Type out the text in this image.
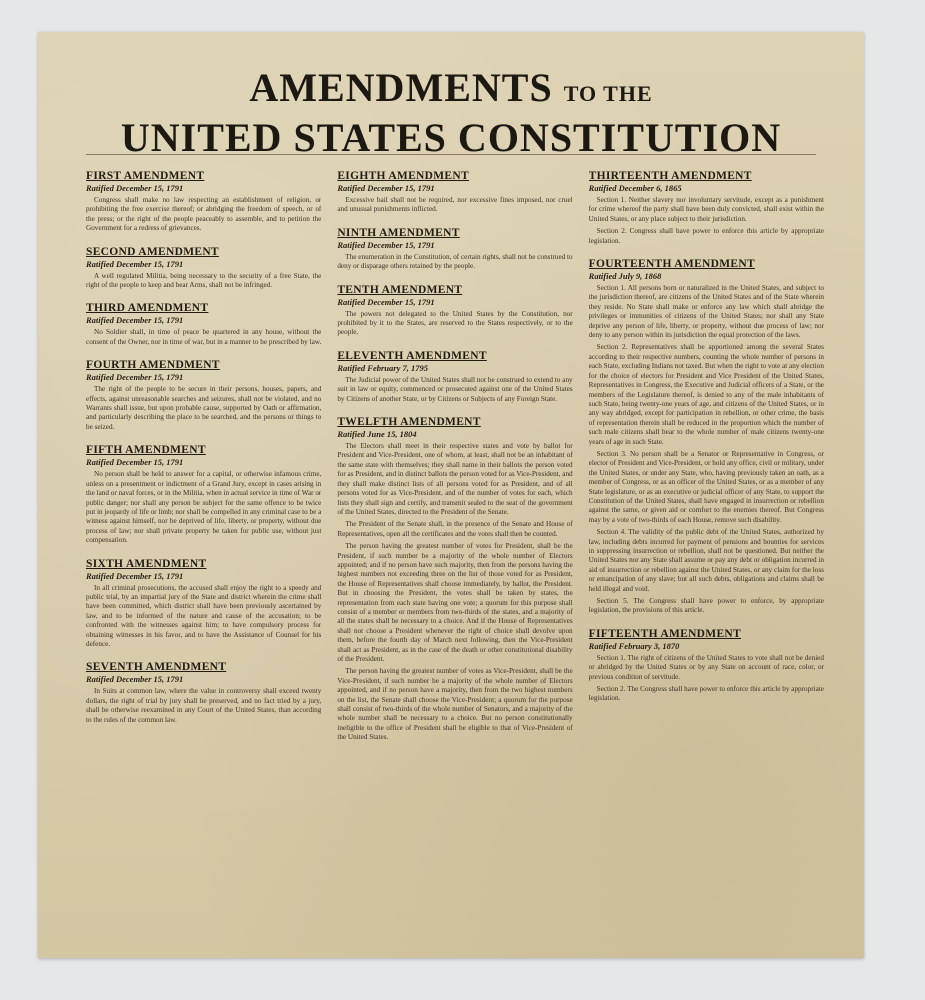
AMENDMENTS TO THE
UNITED STATES CONSTITUTION
FIRST AMENDMENT
Ratified December 15, 1791

Congress shall make no law respecting an establishment of religion, or prohibiting the free exercise thereof; or abridging the freedom of speech, or of the press; or the right of the people peaceably to assemble, and to petition the Government for a redress of grievances.

SECOND AMENDMENT
Ratified December 15, 1791

A well regulated Militia, being necessary to the security of a free State, the right of the people to keep and bear Arms, shall not be infringed.

THIRD AMENDMENT
Ratified December 15, 1791

No Soldier shall, in time of peace be quartered in any house, without the consent of the Owner, nor in time of war, but in a manner to be prescribed by law.

FOURTH AMENDMENT
Ratified December 15, 1791

The right of the people to be secure in their persons, houses, papers, and effects, against unreasonable searches and seizures, shall not be violated, and no Warrants shall issue, but upon probable cause, supported by Oath or affirmation, and particularly describing the place to be searched, and the persons or things to be seized.

FIFTH AMENDMENT
Ratified December 15, 1791

No person shall be held to answer for a capital, or otherwise infamous crime, unless on a presentment or indictment of a Grand Jury, except in cases arising in the land or naval forces, or in the Militia, when in actual service in time of War or public danger; nor shall any person be subject for the same offence to be twice put in jeopardy of life or limb; nor shall be compelled in any criminal case to be a witness against himself, nor be deprived of life, liberty, or property, without due process of law; nor shall private property be taken for public use, without just compensation.

SIXTH AMENDMENT
Ratified December 15, 1791

In all criminal prosecutions, the accused shall enjoy the right to a speedy and public trial, by an impartial jury of the State and district wherein the crime shall have been committed, which district shall have been previously ascertained by law, and to be informed of the nature and cause of the accusation; to be confronted with the witnesses against him; to have compulsory process for obtaining witnesses in his favor, and to have the Assistance of Counsel for his defence.

SEVENTH AMENDMENT
Ratified December 15, 1791

In Suits at common law, where the value in controversy shall exceed twenty dollars, the right of trial by jury shall be preserved, and no fact tried by a jury, shall be otherwise reexamined in any Court of the United States, than according to the rules of the common law.

EIGHTH AMENDMENT
Ratified December 15, 1791

Excessive bail shall not be required, nor excessive fines imposed, nor cruel and unusual punishments inflicted.

NINTH AMENDMENT
Ratified December 15, 1791

The enumeration in the Constitution, of certain rights, shall not be construed to deny or disparage others retained by the people.

TENTH AMENDMENT
Ratified December 15, 1791

The powers not delegated to the United States by the Constitution, nor prohibited by it to the States, are reserved to the States respectively, or to the people.

ELEVENTH AMENDMENT
Ratified February 7, 1795

The Judicial power of the United States shall not be construed to extend to any suit in law or equity, commenced or prosecuted against one of the United States by Citizens of another State, or by Citizens or Subjects of any Foreign State.

TWELFTH AMENDMENT
Ratified June 15, 1804

The Electors shall meet in their respective states and vote by ballot for President and Vice-President, one of whom, at least, shall not be an inhabitant of the same state with themselves; they shall name in their ballots the person voted for as President, and in distinct ballots the person voted for as Vice-President, and they shall make distinct lists of all persons voted for as President, and of all persons voted for as Vice-President, and of the number of votes for each, which lists they shall sign and certify, and transmit sealed to the seat of the government of the United States, directed to the President of the Senate.

The President of the Senate shall, in the presence of the Senate and House of Representatives, open all the certificates and the votes shall then be counted.

The person having the greatest number of votes for President, shall be the President, if such number be a majority of the whole number of Electors appointed; and if no person have such majority, then from the persons having the highest numbers not exceeding three on the list of those voted for as President, the House of Representatives shall choose immediately, by ballot, the President. But in choosing the President, the votes shall be taken by states, the representation from each state having one vote; a quorum for this purpose shall consist of a member or members from two-thirds of the states, and a majority of all the states shall be necessary to a choice. And if the House of Representatives shall not choose a President whenever the right of choice shall devolve upon them, before the fourth day of March next following, then the Vice-President shall act as President, as in the case of the death or other constitutional disability of the President.

The person having the greatest number of votes as Vice-President, shall be the Vice-President, if such number be a majority of the whole number of Electors appointed, and if no person have a majority, then from the two highest numbers on the list, the Senate shall choose the Vice-President; a quorum for the purpose shall consist of two-thirds of the whole number of Senators, and a majority of the whole number shall be necessary to a choice. But no person constitutionally ineligible to the office of President shall be eligible to that of Vice-President of the United States.

THIRTEENTH AMENDMENT
Ratified December 6, 1865

Section 1. Neither slavery nor involuntary servitude, except as a punishment for crime whereof the party shall have been duly convicted, shall exist within the United States, or any place subject to their jurisdiction.

Section 2. Congress shall have power to enforce this article by appropriate legislation.

FOURTEENTH AMENDMENT
Ratified July 9, 1868

Section 1. All persons born or naturalized in the United States, and subject to the jurisdiction thereof, are citizens of the United States and of the State wherein they reside. No State shall make or enforce any law which shall abridge the privileges or immunities of citizens of the United States; nor shall any State deprive any person of life, liberty, or property, without due process of law; nor deny to any person within its jurisdiction the equal protection of the laws.

Section 2. Representatives shall be apportioned among the several States according to their respective numbers, counting the whole number of persons in each State, excluding Indians not taxed. But when the right to vote at any election for the choice of electors for President and Vice President of the United States, Representatives in Congress, the Executive and Judicial officers of a State, or the members of the Legislature thereof, is denied to any of the male inhabitants of such State, being twenty-one years of age, and citizens of the United States, or in any way abridged, except for participation in rebellion, or other crime, the basis of representation therein shall be reduced in the proportion which the number of such male citizens shall bear to the whole number of male citizens twenty-one years of age in such State.

Section 3. No person shall be a Senator or Representative in Congress, or elector of President and Vice-President, or hold any office, civil or military, under the United States, or under any State, who, having previously taken an oath, as a member of Congress, or as an officer of the United States, or as a member of any State legislature, or as an executive or judicial officer of any State, to support the Constitution of the United States, shall have engaged in insurrection or rebellion against the same, or given aid or comfort to the enemies thereof. But Congress may by a vote of two-thirds of each House, remove such disability.

Section 4. The validity of the public debt of the United States, authorized by law, including debts incurred for payment of pensions and bounties for services in suppressing insurrection or rebellion, shall not be questioned. But neither the United States nor any State shall assume or pay any debt or obligation incurred in aid of insurrection or rebellion against the United States, or any claim for the loss or emancipation of any slave; but all such debts, obligations and claims shall be held illegal and void.

Section 5. The Congress shall have power to enforce, by appropriate legislation, the provisions of this article.

FIFTEENTH AMENDMENT
Ratified February 3, 1870

Section 1. The right of citizens of the United States to vote shall not be denied or abridged by the United States or by any State on account of race, color, or previous condition of servitude.

Section 2. The Congress shall have power to enforce this article by appropriate legislation.
